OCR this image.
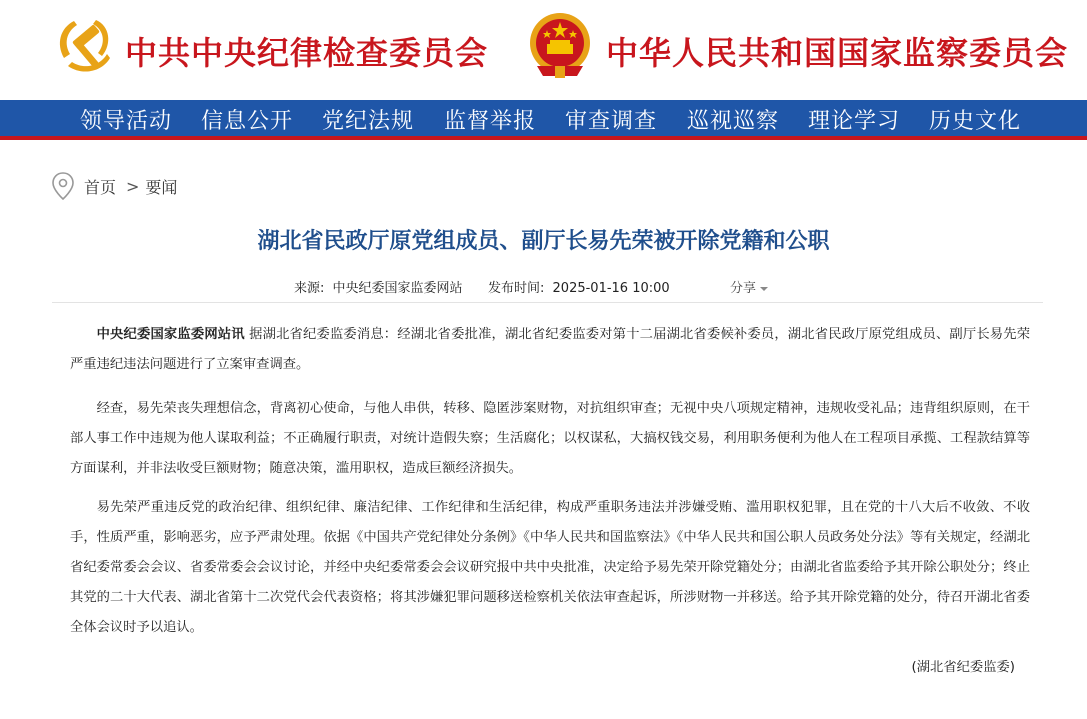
中共中央纪律检查委员会	中华人民共和国国家监察委员会
领导活动 信息公开 党纪法规 监督举报 审查调查 巡视巡察 理论学习 历史文化
首页 > 要闻
湖北省民政厅原党组成员、副厅长易先荣被开除党籍和公职
来源: 中央纪委国家监委网站 发布时间: 2025-01-16 10:00	分享

中央纪委国家监委网站讯 据湖北省纪委监委消息：经湖北省委批准，湖北省纪委监委对第十二届湖北省委候补委员，湖北省民政厅原党组成员、副厅长易先荣严重违纪违法问题进行了立案审查调查。

经查，易先荣丧失理想信念，背离初心使命，与他人串供，转移、隐匿涉案财物，对抗组织审查；无视中央八项规定精神，违规收受礼品；违背组织原则，在干部人事工作中违规为他人谋取利益；不正确履行职责，对统计造假失察；生活腐化；以权谋私，大搞权钱交易，利用职务便利为他人在工程项目承揽、工程款结算等方面谋利，并非法收受巨额财物；随意决策，滥用职权，造成巨额经济损失。

易先荣严重违反党的政治纪律、组织纪律、廉洁纪律、工作纪律和生活纪律，构成严重职务违法并涉嫌受贿、滥用职权犯罪，且在党的十八大后不收敛、不收手，性质严重，影响恶劣，应予严肃处理。依据《中国共产党纪律处分条例》《中华人民共和国监察法》《中华人民共和国公职人员政务处分法》等有关规定，经湖北省纪委常委会会议、省委常委会会议讨论，并经中央纪委常委会会议研究报中共中央批准，决定给予易先荣开除党籍处分；由湖北省监委给予其开除公职处分；终止其党的二十大代表、湖北省第十二次党代会代表资格；将其涉嫌犯罪问题移送检察机关依法审查起诉，所涉财物一并移送。给予其开除党籍的处分，待召开湖北省委全体会议时予以追认。

(湖北省纪委监委)
